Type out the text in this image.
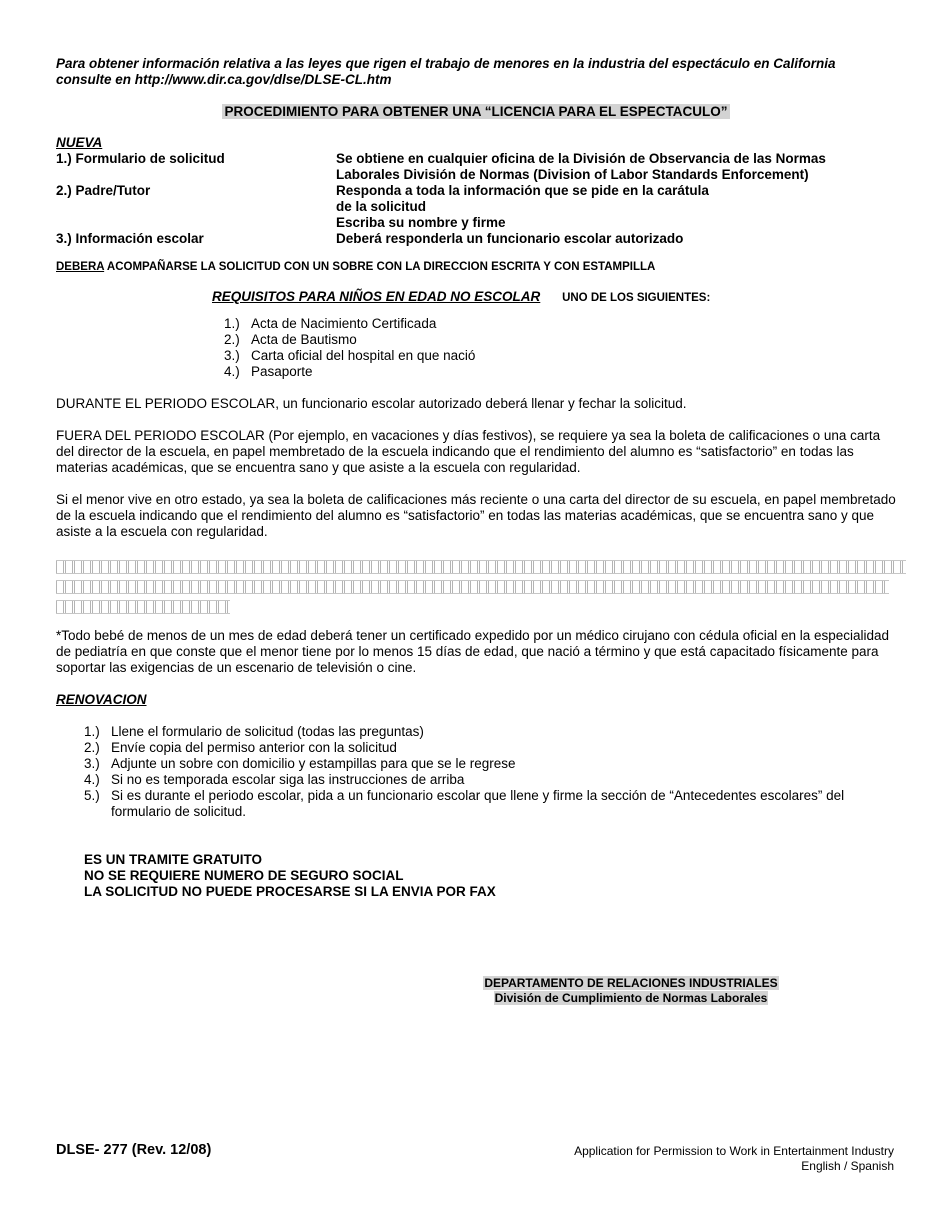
Para obtener información relativa a las leyes que rigen el trabajo de menores en la industria del espectáculo en California
consulte en http://www.dir.ca.gov/dlse/DLSE-CL.htm

PROCEDIMIENTO PARA OBTENER UNA “LICENCIA PARA EL ESPECTACULO”
NUEVA
1.) Formulario de solicitud	Se obtiene en cualquier oficina de la División de Observancia de las Normas
Laborales División de Normas (Division of Labor Standards Enforcement)
2.) Padre/Tutor	Responda a toda la información que se pide en la carátula
de la solicitud
Escriba su nombre y firme
3.) Información escolar	Deberá responderla un funcionario escolar autorizado
DEBERA ACOMPAÑARSE LA SOLICITUD CON UN SOBRE CON LA DIRECCION ESCRITA Y CON ESTAMPILLA
REQUISITOS PARA NIÑOS EN EDAD NO ESCOLAR UNO DE LOS SIGUIENTES:
1.) Acta de Nacimiento Certificada
2.) Acta de Bautismo
3.) Carta oficial del hospital en que nació
4.) Pasaporte

DURANTE EL PERIODO ESCOLAR, un funcionario escolar autorizado deberá llenar y fechar la solicitud.

FUERA DEL PERIODO ESCOLAR (Por ejemplo, en vacaciones y días festivos), se requiere ya sea la boleta de calificaciones o una carta del director de la escuela, en papel membretado de la escuela indicando que el rendimiento del alumno es “satisfactorio” en todas las materias académicas, que se encuentra sano y que asiste a la escuela con regularidad.

Si el menor vive en otro estado, ya sea la boleta de calificaciones más reciente o una carta del director de su escuela, en papel membretado de la escuela indicando que el rendimiento del alumno es “satisfactorio” en todas las materias académicas, que se encuentra sano y que asiste a la escuela con regularidad.

*Todo bebé de menos de un mes de edad deberá tener un certificado expedido por un médico cirujano con cédula oficial en la especialidad de pediatría en que conste que el menor tiene por lo menos 15 días de edad, que nació a término y que está capacitado físicamente para soportar las exigencias de un escenario de televisión o cine.

RENOVACION
1.) Llene el formulario de solicitud (todas las preguntas)
2.) Envíe copia del permiso anterior con la solicitud
3.) Adjunte un sobre con domicilio y estampillas para que se le regrese
4.) Si no es temporada escolar siga las instrucciones de arriba
5.) Si es durante el periodo escolar, pida a un funcionario escolar que llene y firme la sección de “Antecedentes escolares” del formulario de solicitud.
ES UN TRAMITE GRATUITO
NO SE REQUIERE NUMERO DE SEGURO SOCIAL
LA SOLICITUD NO PUEDE PROCESARSE SI LA ENVIA POR FAX
DEPARTAMENTO DE RELACIONES INDUSTRIALES
División de Cumplimiento de Normas Laborales
DLSE- 277 (Rev. 12/08)	Application for Permission to Work in Entertainment Industry
English / Spanish
